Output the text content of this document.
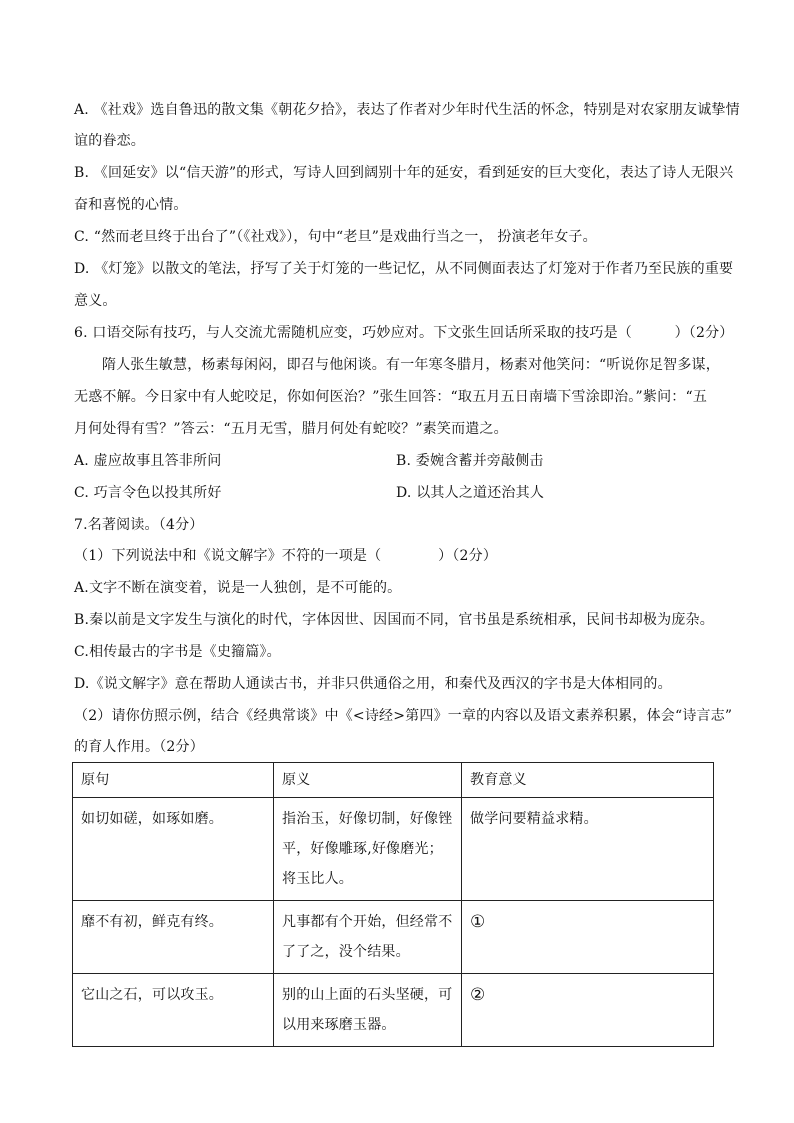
A. 《社戏》选自鲁迅的散文集《朝花夕拾》，表达了作者对少年时代生活的怀念，特别是对农家朋友诚挚情
谊的眷恋。
B. 《回延安》以“信天游”的形式，写诗人回到阔别十年的延安，看到延安的巨大变化，表达了诗人无限兴
奋和喜悦的心情。
C. “然而老旦终于出台了”（《社戏》），句中“老旦”是戏曲行当之一， 扮演老年女子。
D. 《灯笼》以散文的笔法，抒写了关于灯笼的一些记忆，从不同侧面表达了灯笼对于作者乃至民族的重要
意义。
6. 口语交际有技巧，与人交流尤需随机应变，巧妙应对。下文张生回话所采取的技巧是（　　　）（2分）
隋人张生敏慧，杨素每闲闷，即召与他闲谈。有一年寒冬腊月，杨素对他笑问：“听说你足智多谋，
无惑不解。今日家中有人蛇咬足，你如何医治？”张生回答：“取五月五日南墙下雪涂即治。”紫问：“五
月何处得有雪？”答云：“五月无雪，腊月何处有蛇咬？”素笑而遣之。
A. 虚应故事且答非所问	B. 委婉含蓄并旁敲侧击
C. 巧言令色以投其所好	D. 以其人之道还治其人
7.名著阅读。（4分）
（1）下列说法中和《说文解字》不符的一项是（　　　　）（2分）
A.文字不断在演变着，说是一人独创，是不可能的。
B.秦以前是文字发生与演化的时代，字体因世、因国而不同，官书虽是系统相承，民间书却极为庞杂。
C.相传最古的字书是《史籀篇》。
D.《说文解字》意在帮助人通读古书，并非只供通俗之用，和秦代及西汉的字书是大体相同的。
（2）请你仿照示例，结合《经典常谈》中《<诗经>第四》一章的内容以及语文素养积累，体会“诗言志”
的育人作用。（2分）
原句	原义	教育意义
如切如磋，如琢如磨。	指治玉，好像切制，好像锉平，好像雕琢,好像磨光；将玉比人。	做学问要精益求精。
靡不有初，鲜克有终。	凡事都有个开始，但经常不了了之，没个结果。	①
它山之石，可以攻玉。	别的山上面的石头坚硬，可以用来琢磨玉器。	②
